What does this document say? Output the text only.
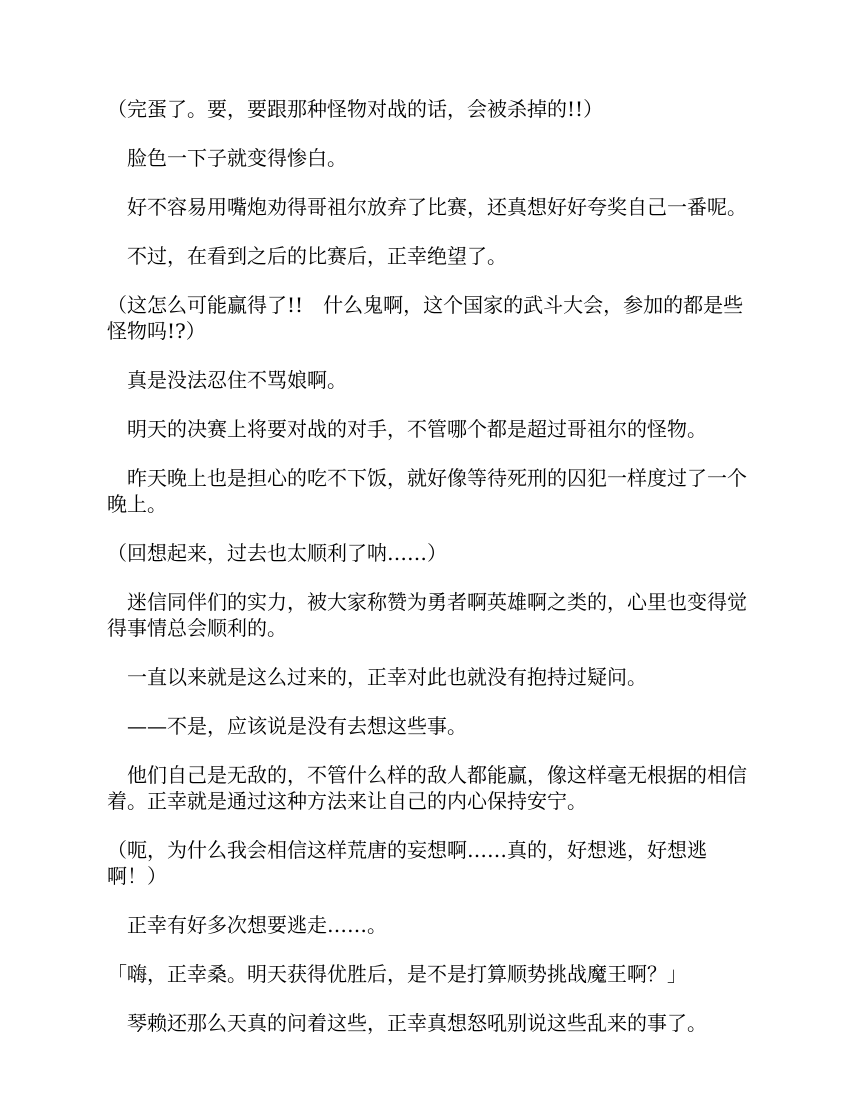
（完蛋了。要，要跟那种怪物对战的话，会被杀掉的!!）

　脸色一下子就变得惨白。

　好不容易用嘴炮劝得哥祖尔放弃了比赛，还真想好好夸奖自己一番呢。

　不过，在看到之后的比赛后，正幸绝望了。

（这怎么可能赢得了!!　什么鬼啊，这个国家的武斗大会，参加的都是些怪物吗!?）

　真是没法忍住不骂娘啊。

　明天的决赛上将要对战的对手，不管哪个都是超过哥祖尔的怪物。

　昨天晚上也是担心的吃不下饭，就好像等待死刑的囚犯一样度过了一个晚上。

（回想起来，过去也太顺利了呐……）

　迷信同伴们的实力，被大家称赞为勇者啊英雄啊之类的，心里也变得觉得事情总会顺利的。

　一直以来就是这么过来的，正幸对此也就没有抱持过疑问。

　——不是，应该说是没有去想这些事。

　他们自己是无敌的，不管什么样的敌人都能赢，像这样毫无根据的相信着。正幸就是通过这种方法来让自己的内心保持安宁。

（呃，为什么我会相信这样荒唐的妄想啊……真的，好想逃，好想逃啊！）

　正幸有好多次想要逃走……。

「嗨，正幸桑。明天获得优胜后，是不是打算顺势挑战魔王啊？」

　琴赖还那么天真的问着这些，正幸真想怒吼别说这些乱来的事了。
